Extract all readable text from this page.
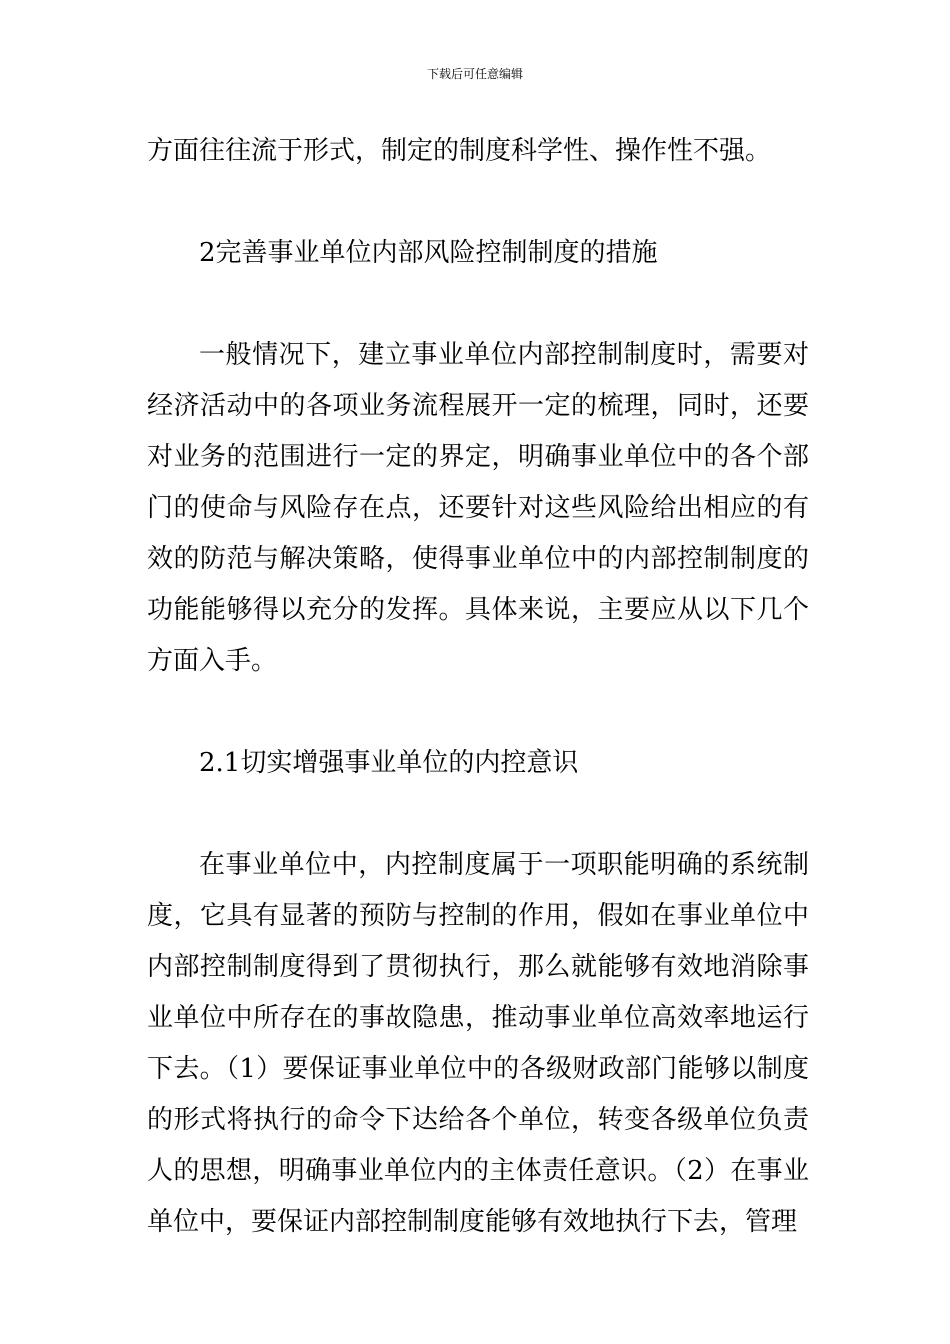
下载后可任意编辑

方面往往流于形式，制定的制度科学性、操作性不强。

2完善事业单位内部风险控制制度的措施

一般情况下，建立事业单位内部控制制度时，需要对经济活动中的各项业务流程展开一定的梳理，同时，还要对业务的范围进行一定的界定，明确事业单位中的各个部门的使命与风险存在点，还要针对这些风险给出相应的有效的防范与解决策略，使得事业单位中的内部控制制度的功能能够得以充分的发挥。具体来说，主要应从以下几个方面入手。

2.1切实增强事业单位的内控意识

在事业单位中，内控制度属于一项职能明确的系统制度，它具有显著的预防与控制的作用，假如在事业单位中内部控制制度得到了贯彻执行，那么就能够有效地消除事业单位中所存在的事故隐患，推动事业单位高效率地运行下去。（1）要保证事业单位中的各级财政部门能够以制度的形式将执行的命令下达给各个单位，转变各级单位负责人的思想，明确事业单位内的主体责任意识。（2）在事业单位中，要保证内部控制制度能够有效地执行下去，管理
